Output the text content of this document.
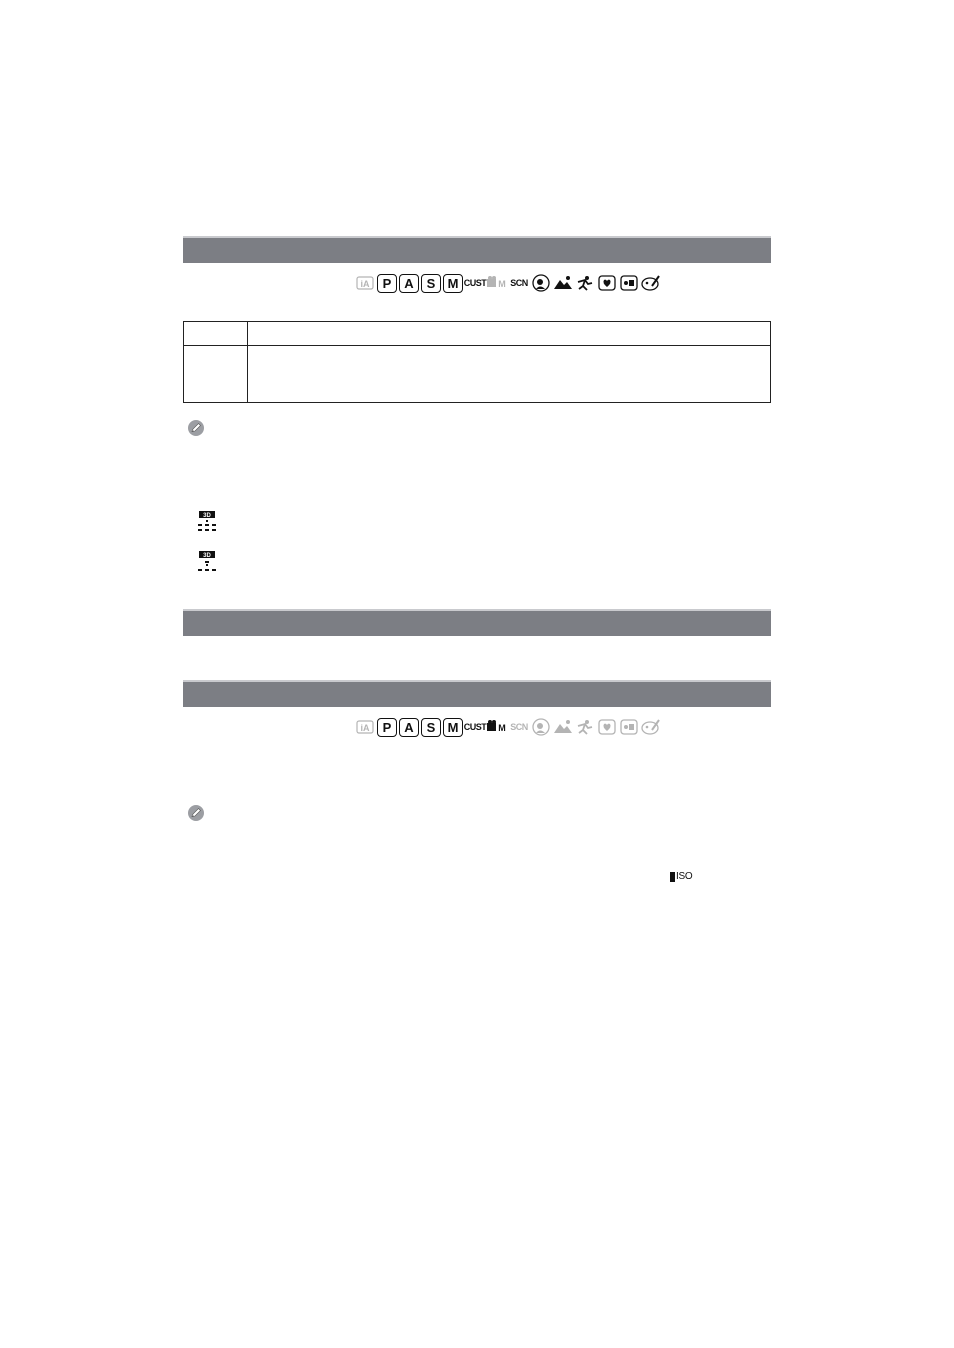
iA	P A S M CUST M SCN
3D
3D
iA	P A S M CUST M SCN
ISO
